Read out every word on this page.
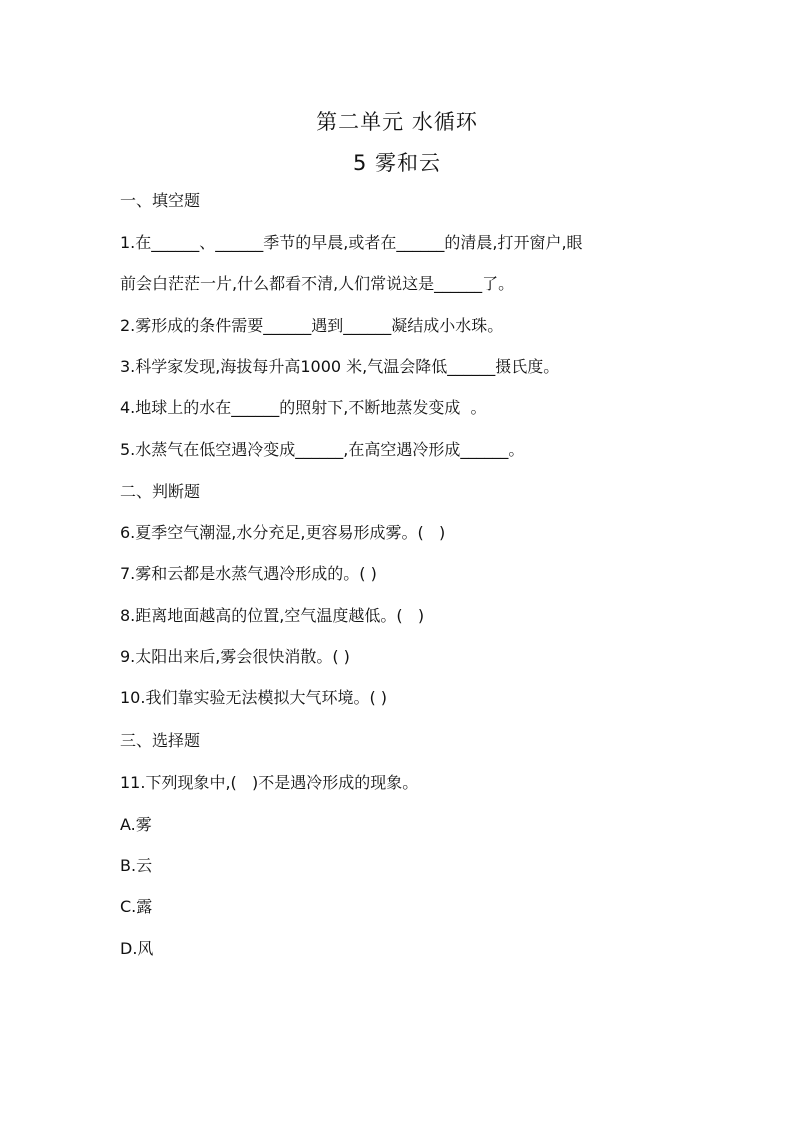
第二单元 水循环
5 雾和云

一、填空题

1.在______、______季节的早晨,或者在______的清晨,打开窗户,眼

前会白茫茫一片,什么都看不清,人们常说这是______了。

2.雾形成的条件需要______遇到______凝结成小水珠。

3.科学家发现,海拔每升高1000 米,气温会降低______摄氏度。

4.地球上的水在______的照射下,不断地蒸发变成  。

5.水蒸气在低空遇冷变成______,在高空遇冷形成______。

二、判断题

6.夏季空气潮湿,水分充足,更容易形成雾。(   )

7.雾和云都是水蒸气遇冷形成的。( )

8.距离地面越高的位置,空气温度越低。(   )

9.太阳出来后,雾会很快消散。( )

10.我们靠实验无法模拟大气环境。( )

三、选择题

11.下列现象中,(   )不是遇冷形成的现象。

A.雾

B.云

C.露

D.风
